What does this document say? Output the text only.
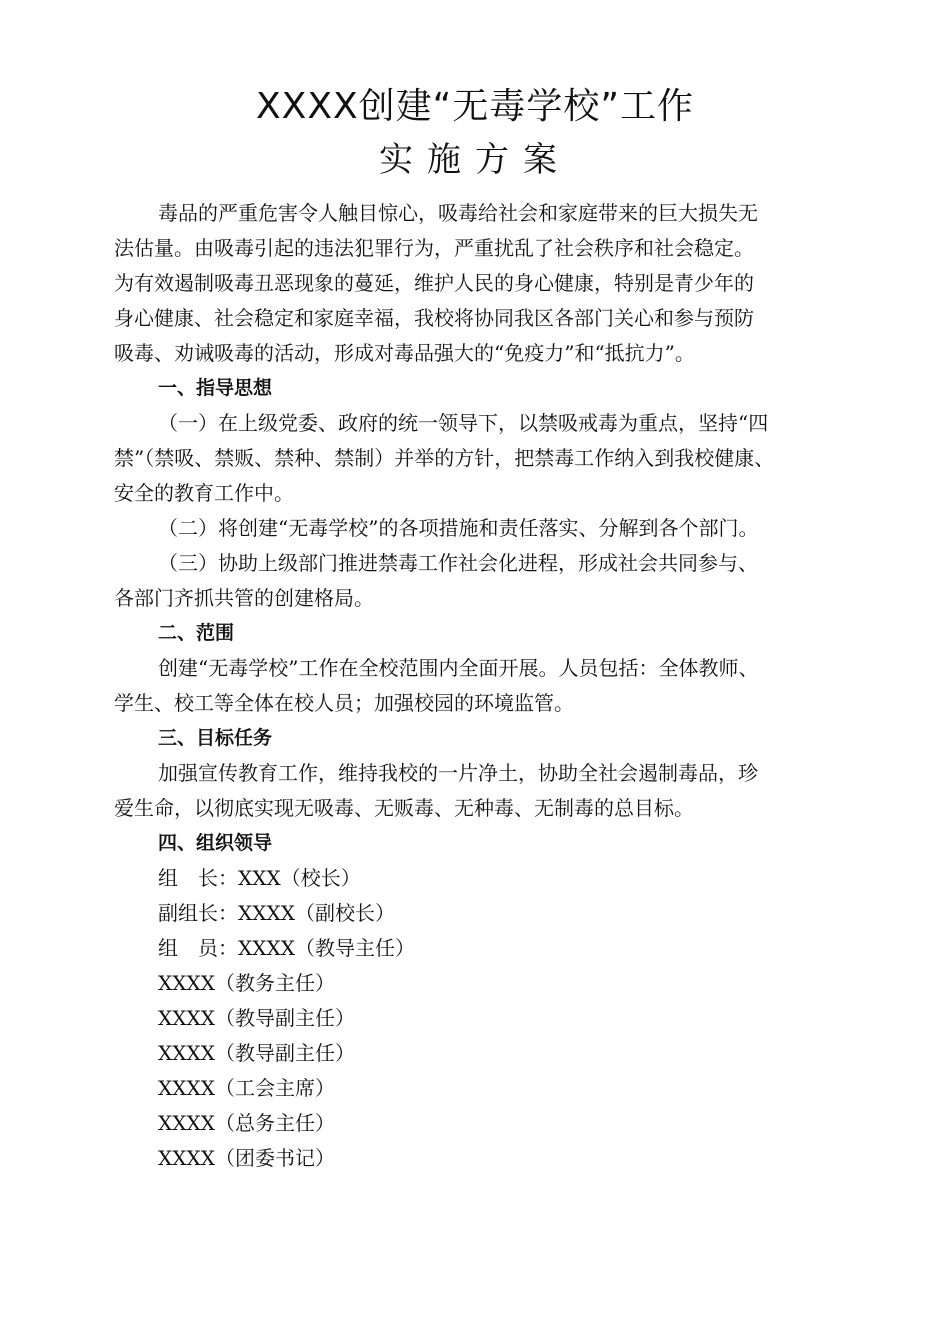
XXXX创建“无毒学校”工作
实施方案
毒品的严重危害令人触目惊心，吸毒给社会和家庭带来的巨大损失无
法估量。由吸毒引起的违法犯罪行为，严重扰乱了社会秩序和社会稳定。
为有效遏制吸毒丑恶现象的蔓延，维护人民的身心健康，特别是青少年的
身心健康、社会稳定和家庭幸福，我校将协同我区各部门关心和参与预防
吸毒、劝诫吸毒的活动，形成对毒品强大的“免疫力”和“抵抗力”。
一、指导思想
（一）在上级党委、政府的统一领导下，以禁吸戒毒为重点，坚持“四
禁”（禁吸、禁贩、禁种、禁制）并举的方针，把禁毒工作纳入到我校健康、
安全的教育工作中。
（二）将创建“无毒学校”的各项措施和责任落实、分解到各个部门。
（三）协助上级部门推进禁毒工作社会化进程，形成社会共同参与、
各部门齐抓共管的创建格局。
二、范围
创建“无毒学校”工作在全校范围内全面开展。人员包括：全体教师、
学生、校工等全体在校人员；加强校园的环境监管。
三、目标任务
加强宣传教育工作，维持我校的一片净土，协助全社会遏制毒品，珍
爱生命，以彻底实现无吸毒、无贩毒、无种毒、无制毒的总目标。
四、组织领导
组　长：XXX（校长）
副组长：XXXX（副校长）
组　员：XXXX（教导主任）
XXXX（教务主任）
XXXX（教导副主任）
XXXX（教导副主任）
XXXX（工会主席）
XXXX（总务主任）
XXXX（团委书记）
